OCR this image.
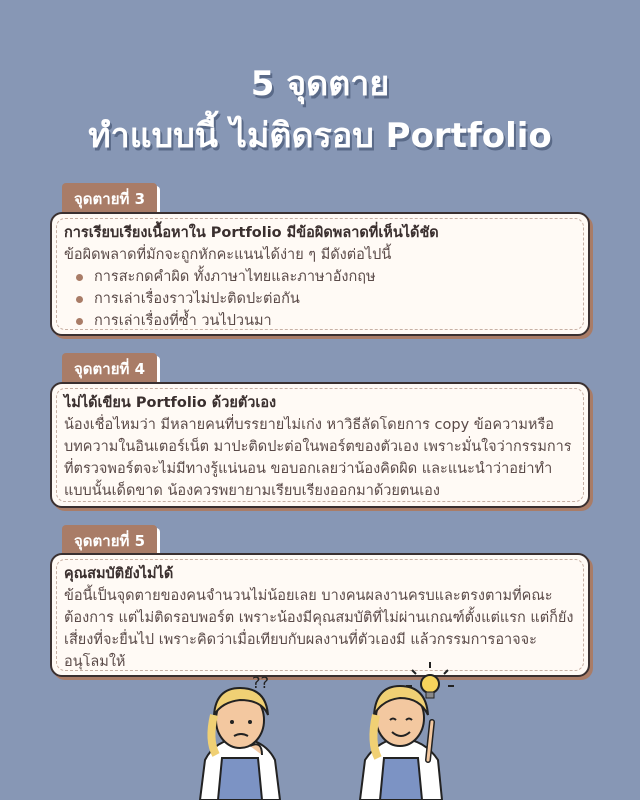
5 จุดตาย
ทำแบบนี้ ไม่ติดรอบ Portfolio
จุดตายที่ 3
การเรียบเรียงเนื้อหาใน Portfolio มีข้อผิดพลาดที่เห็นได้ชัด
ข้อผิดพลาดที่มักจะถูกหักคะแนนได้ง่าย ๆ มีดังต่อไปนี้
การสะกดคำผิด ทั้งภาษาไทยและภาษาอังกฤษ
การเล่าเรื่องราวไม่ปะติดปะต่อกัน
การเล่าเรื่องที่ซ้ำ วนไปวนมา
จุดตายที่ 4
ไม่ได้เขียน Portfolio ด้วยตัวเอง
น้องเชื่อไหมว่า มีหลายคนที่บรรยายไม่เก่ง หาวิธีลัดโดยการ copy ข้อความหรือบทความในอินเตอร์เน็ต มาปะติดปะต่อในพอร์ตของตัวเอง เพราะมั่นใจว่ากรรมการที่ตรวจพอร์ตจะไม่มีทางรู้แน่นอน ขอบอกเลยว่าน้องคิดผิด และแนะนำว่าอย่าทำแบบนั้นเด็ดขาด น้องควรพยายามเรียบเรียงออกมาด้วยตนเอง
จุดตายที่ 5
คุณสมบัติยังไม่ได้
ข้อนี้เป็นจุดตายของคนจำนวนไม่น้อยเลย บางคนผลงานครบและตรงตามที่คณะต้องการ แต่ไม่ติดรอบพอร์ต เพราะน้องมีคุณสมบัติที่ไม่ผ่านเกณฑ์ตั้งแต่แรก แต่ก็ยังเสี่ยงที่จะยื่นไป เพราะคิดว่าเมื่อเทียบกับผลงานที่ตัวเองมี แล้วกรรมการอาจจะอนุโลมให้
??
